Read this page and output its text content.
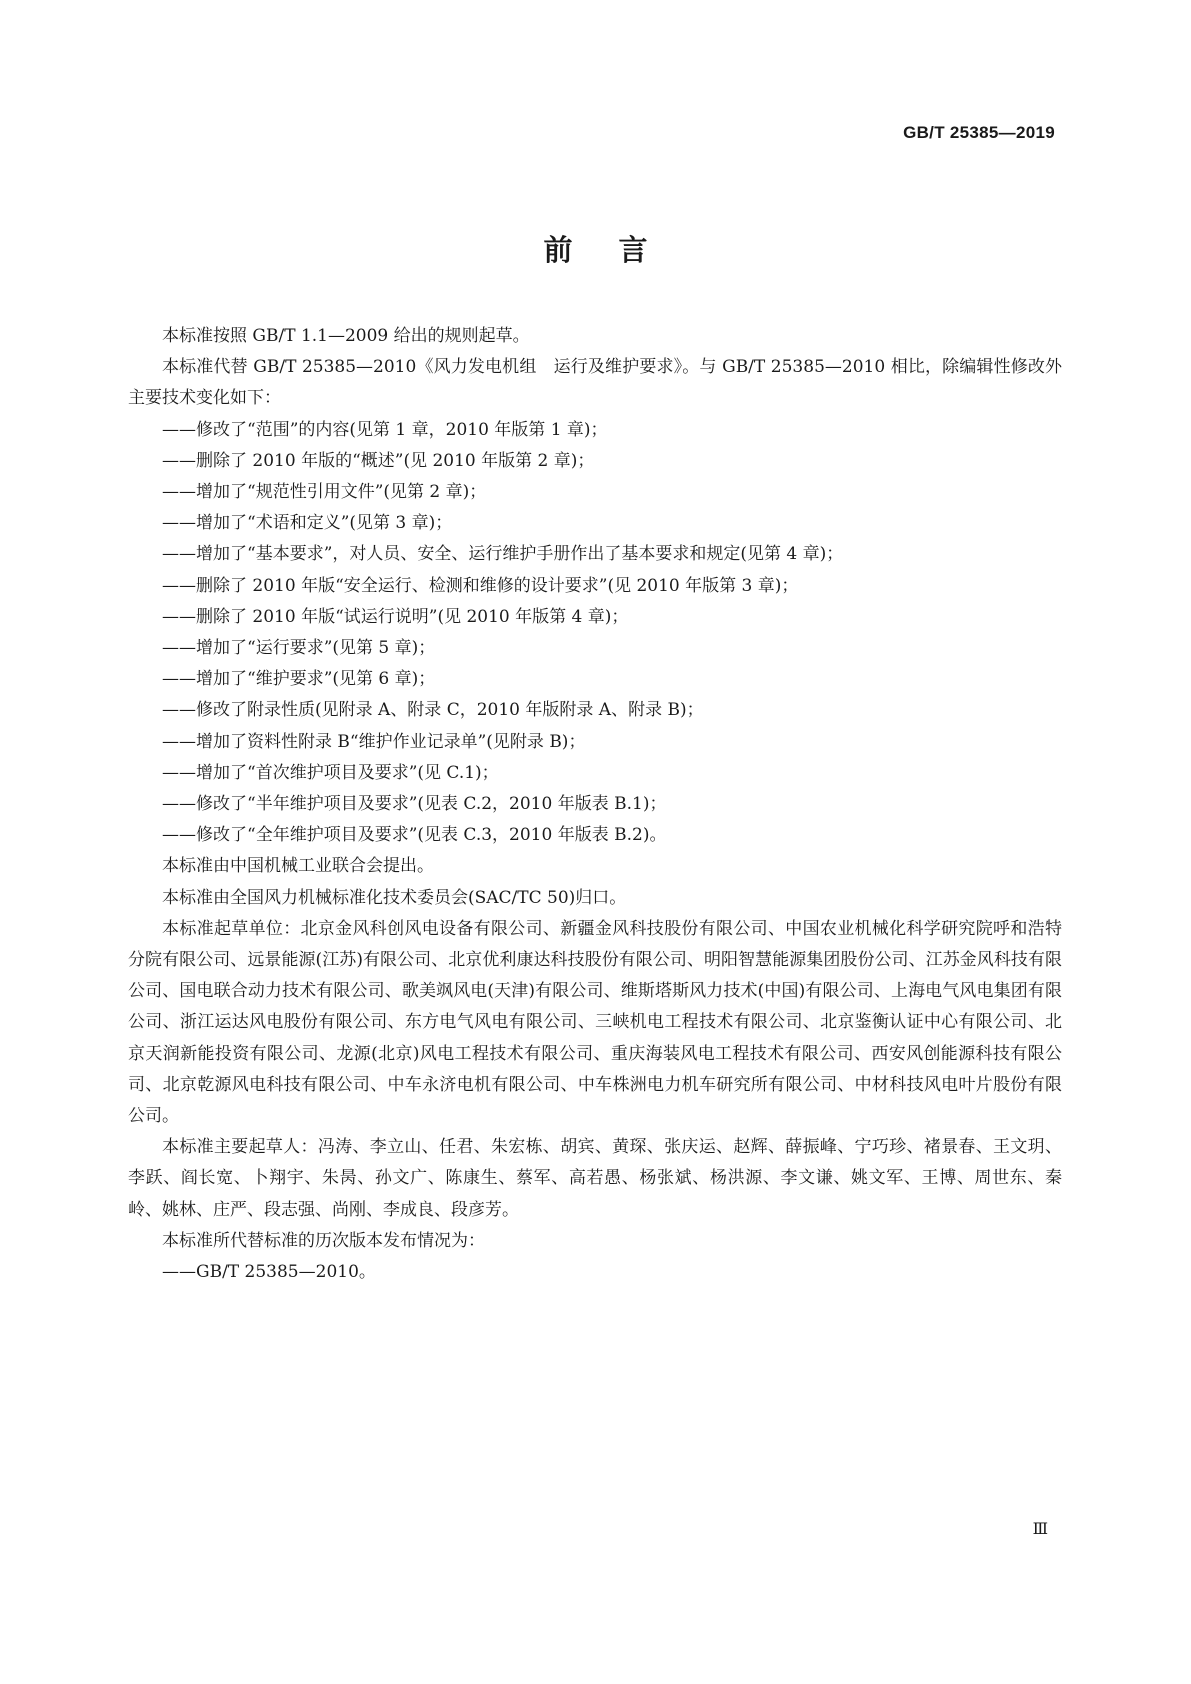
GB/T 25385—2019
前言

本标准按照 GB/T 1.1—2009 给出的规则起草。

本标准代替 GB/T 25385—2010《风力发电机组　运行及维护要求》。与 GB/T 25385—2010 相比，除编辑性修改外主要技术变化如下：

——修改了“范围”的内容(见第 1 章，2010 年版第 1 章)；

——删除了 2010 年版的“概述”(见 2010 年版第 2 章)；

——增加了“规范性引用文件”(见第 2 章)；

——增加了“术语和定义”(见第 3 章)；

——增加了“基本要求”，对人员、安全、运行维护手册作出了基本要求和规定(见第 4 章)；

——删除了 2010 年版“安全运行、检测和维修的设计要求”(见 2010 年版第 3 章)；

——删除了 2010 年版“试运行说明”(见 2010 年版第 4 章)；

——增加了“运行要求”(见第 5 章)；

——增加了“维护要求”(见第 6 章)；

——修改了附录性质(见附录 A、附录 C，2010 年版附录 A、附录 B)；

——增加了资料性附录 B“维护作业记录单”(见附录 B)；

——增加了“首次维护项目及要求”(见 C.1)；

——修改了“半年维护项目及要求”(见表 C.2，2010 年版表 B.1)；

——修改了“全年维护项目及要求”(见表 C.3，2010 年版表 B.2)。

本标准由中国机械工业联合会提出。

本标准由全国风力机械标准化技术委员会(SAC/TC 50)归口。

本标准起草单位：北京金风科创风电设备有限公司、新疆金风科技股份有限公司、中国农业机械化科学研究院呼和浩特分院有限公司、远景能源(江苏)有限公司、北京优利康达科技股份有限公司、明阳智慧能源集团股份公司、江苏金风科技有限公司、国电联合动力技术有限公司、歌美飒风电(天津)有限公司、维斯塔斯风力技术(中国)有限公司、上海电气风电集团有限公司、浙江运达风电股份有限公司、东方电气风电有限公司、三峡机电工程技术有限公司、北京鉴衡认证中心有限公司、北京天润新能投资有限公司、龙源(北京)风电工程技术有限公司、重庆海装风电工程技术有限公司、西安风创能源科技有限公司、北京乾源风电科技有限公司、中车永济电机有限公司、中车株洲电力机车研究所有限公司、中材科技风电叶片股份有限公司。

本标准主要起草人：冯涛、李立山、任君、朱宏栋、胡宾、黄琛、张庆运、赵辉、薛振峰、宁巧珍、褚景春、王文玥、李跃、阎长宽、卜翔宇、朱昺、孙文广、陈康生、蔡军、高若愚、杨张斌、杨洪源、李文谦、姚文军、王博、周世东、秦岭、姚林、庄严、段志强、尚刚、李成良、段彦芳。

本标准所代替标准的历次版本发布情况为：

——GB/T 25385—2010。

Ⅲ
